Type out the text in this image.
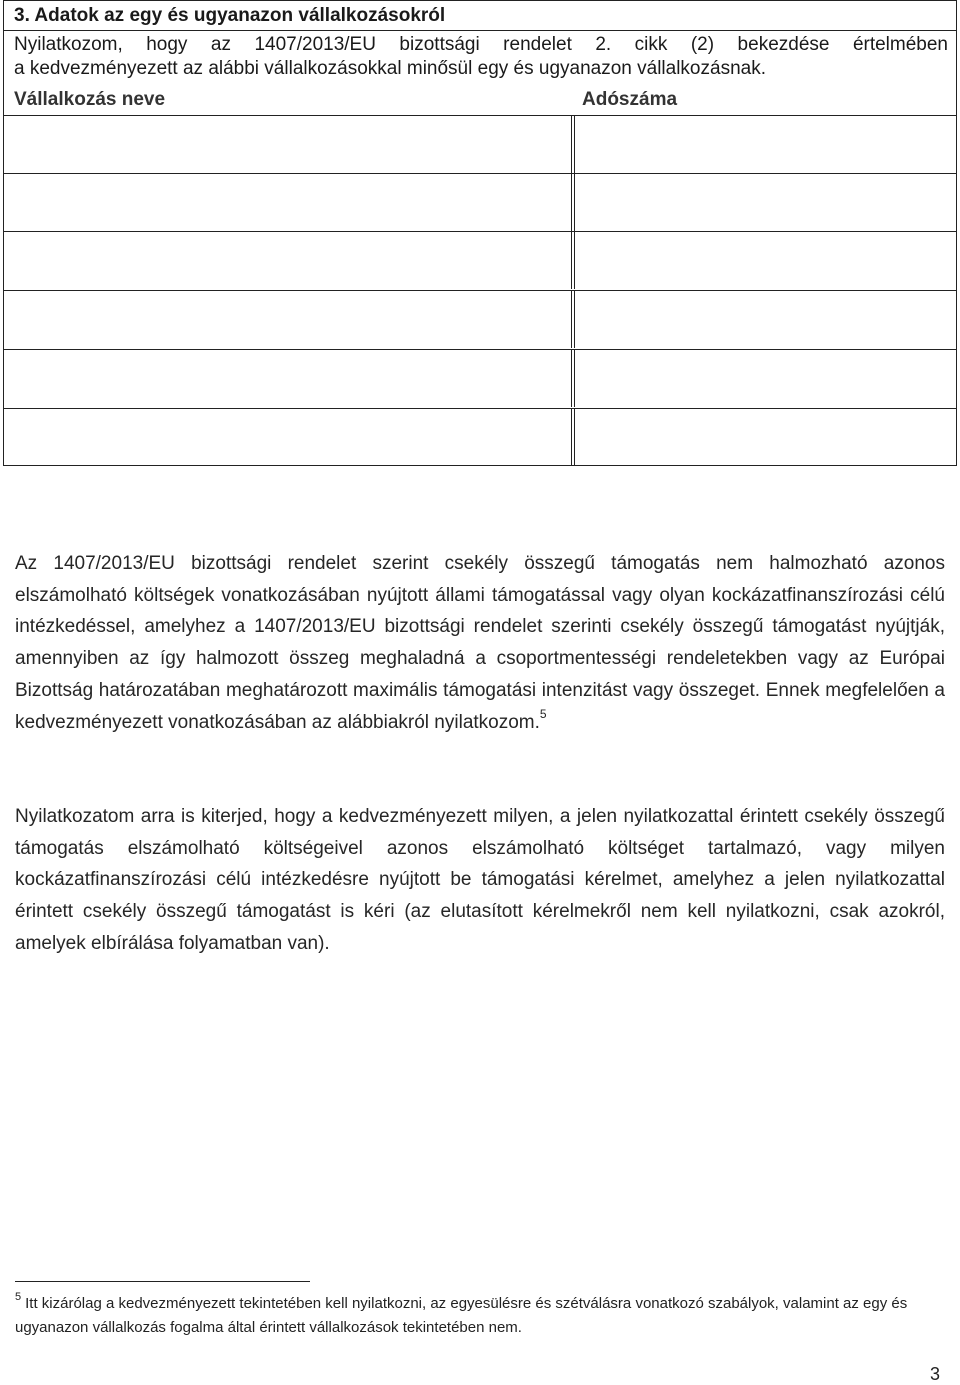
3. Adatok az egy és ugyanazon vállalkozásokról
Nyilatkozom, hogy az 1407/2013/EU bizottsági rendelet 2. cikk (2) bekezdése értelmében
a kedvezményezett az alábbi vállalkozásokkal minősül egy és ugyanazon vállalkozásnak.
Vállalkozás neve	Adószáma
Az 1407/2013/EU bizottsági rendelet szerint csekély összegű támogatás nem halmozható azonos elszámolható költségek vonatkozásában nyújtott állami támogatással vagy olyan kockázatfinanszírozási célú intézkedéssel, amelyhez a 1407/2013/EU bizottsági rendelet szerinti csekély összegű támogatást nyújtják, amennyiben az így halmozott összeg meghaladná a csoportmentességi rendeletekben vagy az Európai Bizottság határozatában meghatározott maximális támogatási intenzitást vagy összeget. Ennek megfelelően a kedvezményezett vonatkozásában az alábbiakról nyilatkozom.$^5$
Nyilatkozatom arra is kiterjed, hogy a kedvezményezett milyen, a jelen nyilatkozattal érintett csekély összegű támogatás elszámolható költségeivel azonos elszámolható költséget tartalmazó, vagy milyen kockázatfinanszírozási célú intézkedésre nyújtott be támogatási kérelmet, amelyhez a jelen nyilatkozattal érintett csekély összegű támogatást is kéri (az elutasított kérelmekről nem kell nyilatkozni, csak azokról, amelyek elbírálása folyamatban van).
$^5$ Itt kizárólag a kedvezményezett tekintetében kell nyilatkozni, az egyesülésre és szétválásra vonatkozó szabályok, valamint az egy és ugyanazon vállalkozás fogalma által érintett vállalkozások tekintetében nem.
3
